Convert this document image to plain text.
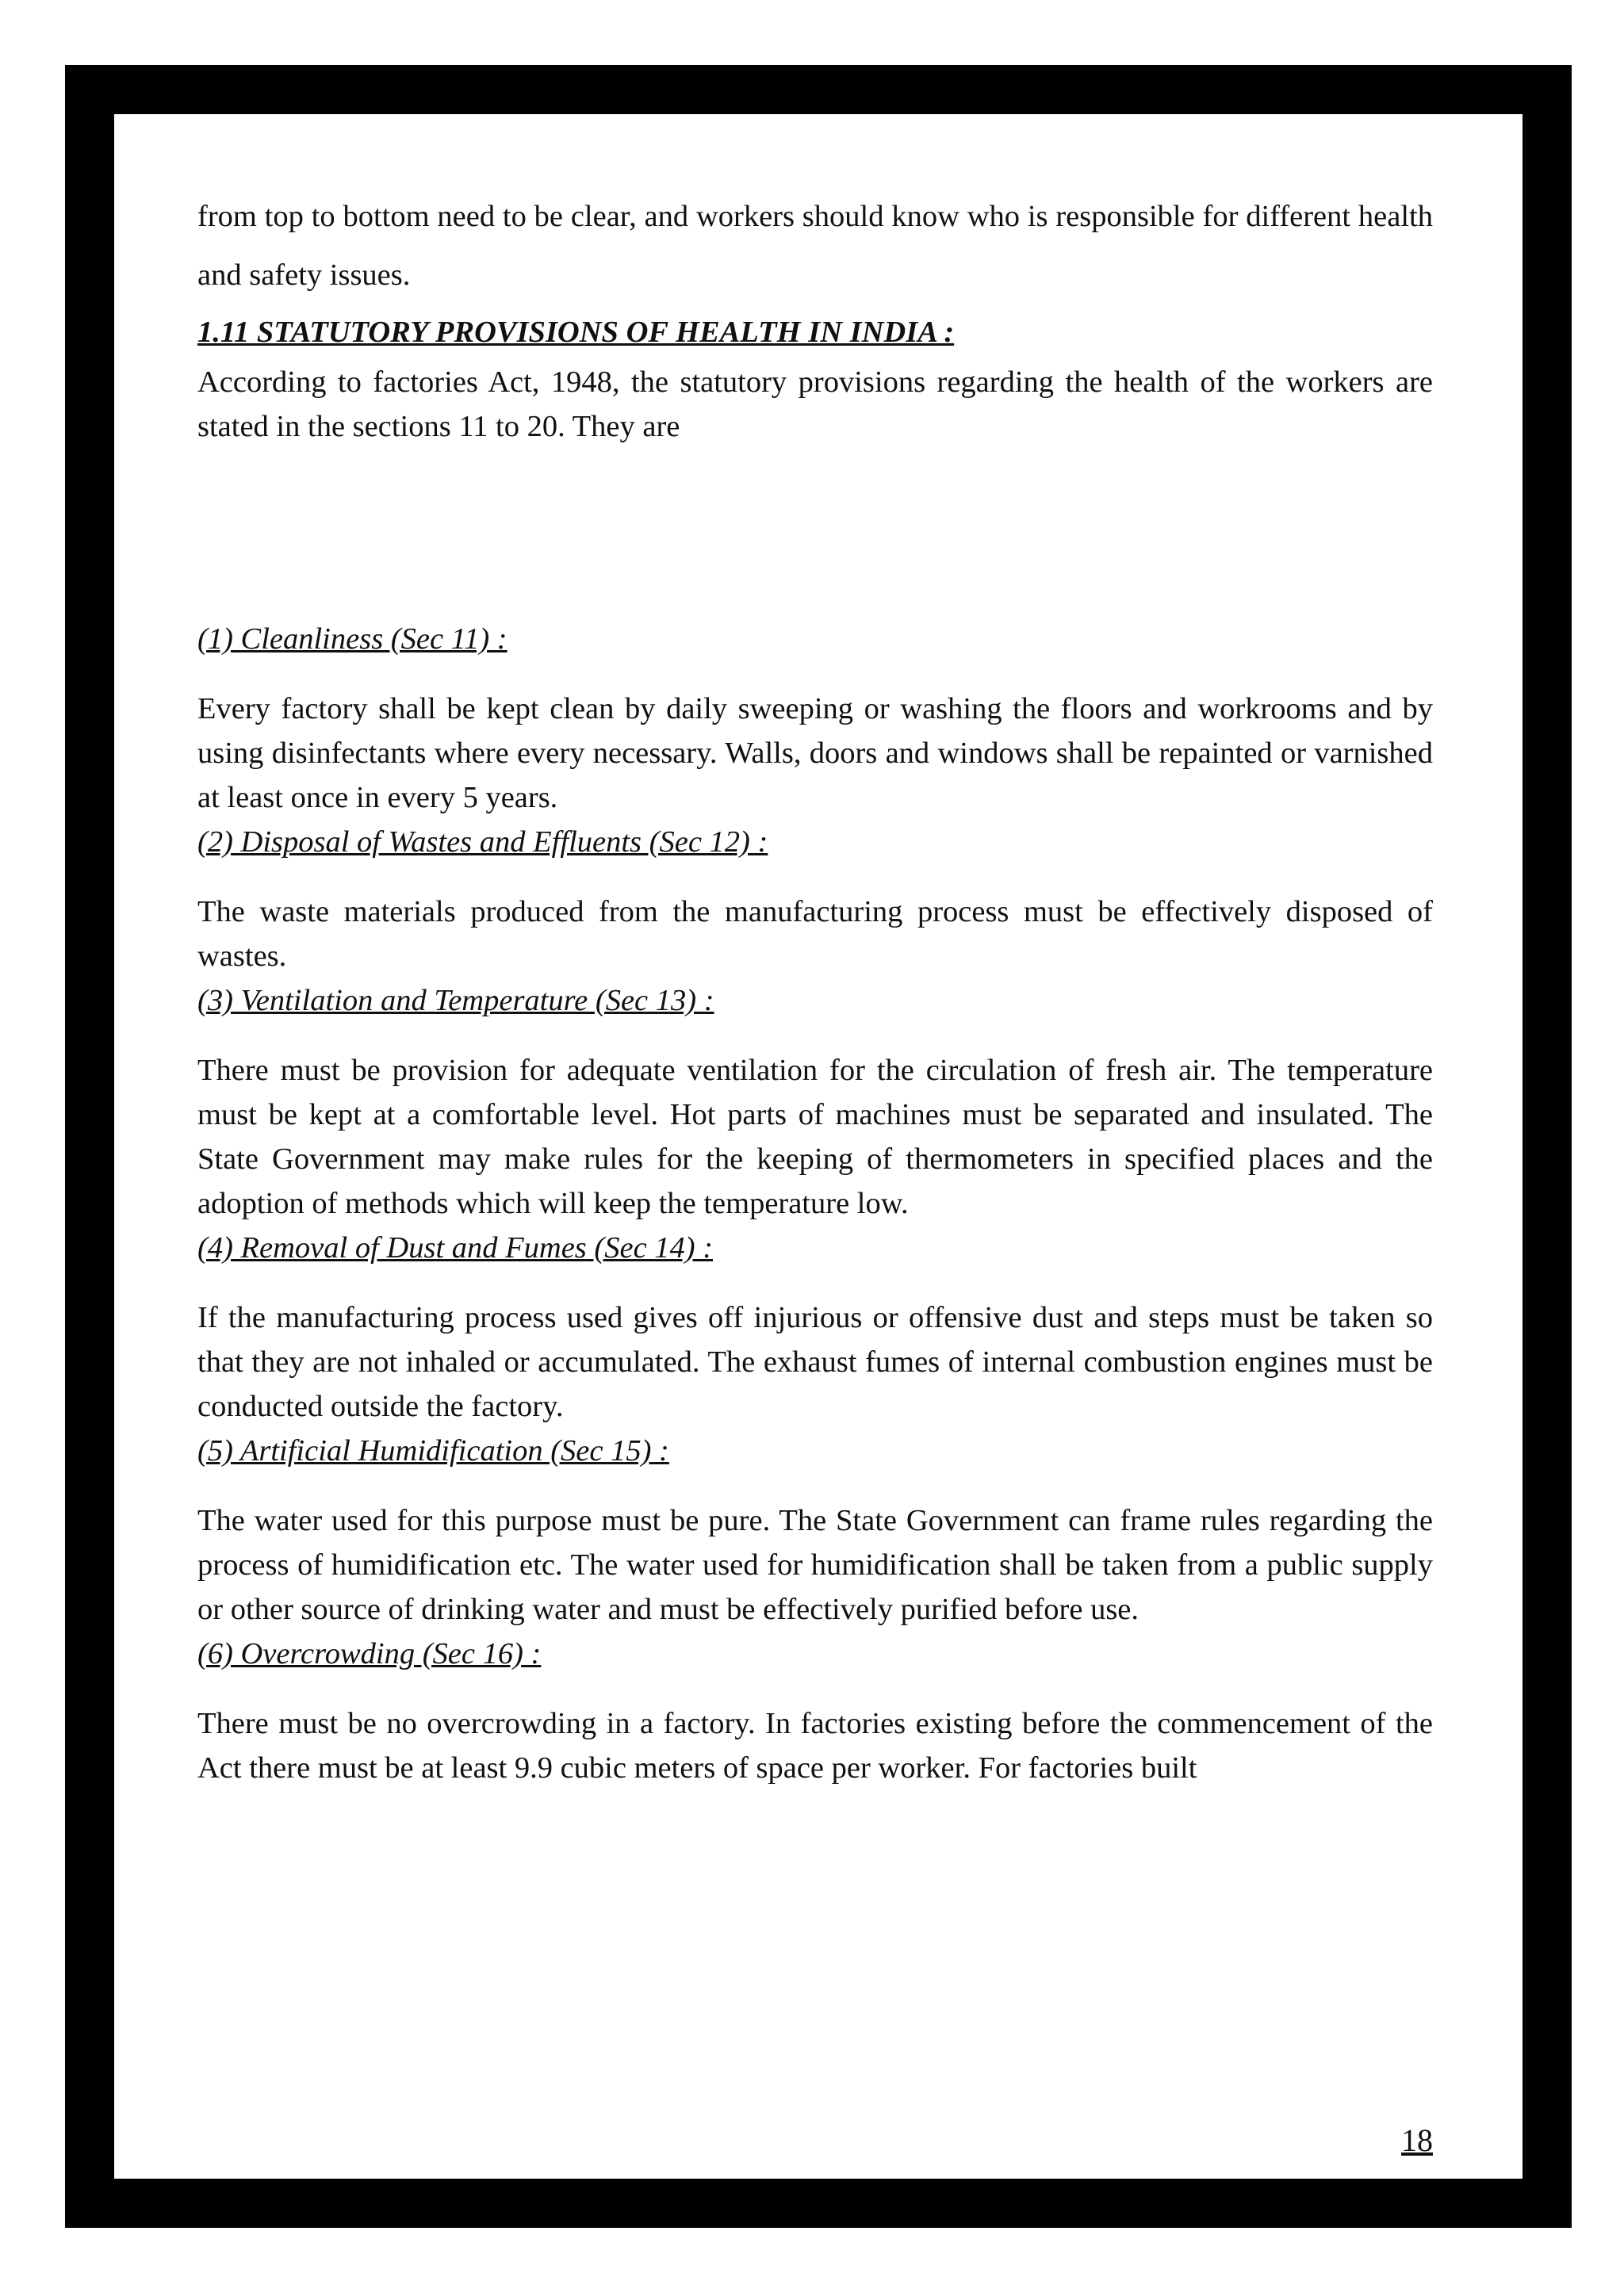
from top to bottom need to be clear, and workers should know who is responsible for different health and safety issues.

1.11 STATUTORY PROVISIONS OF HEALTH IN INDIA :

According to factories Act, 1948, the statutory provisions regarding the health of the workers are stated in the sections 11 to 20. They are

(1) Cleanliness (Sec 11) :

Every factory shall be kept clean by daily sweeping or washing the floors and workrooms and by using disinfectants where every necessary. Walls, doors and windows shall be repainted or varnished at least once in every 5 years.

(2) Disposal of Wastes and Effluents (Sec 12) :

The waste materials produced from the manufacturing process must be effectively disposed of wastes.

(3) Ventilation and Temperature (Sec 13) :

There must be provision for adequate ventilation for the circulation of fresh air. The temperature must be kept at a comfortable level. Hot parts of machines must be separated and insulated. The State Government may make rules for the keeping of thermometers in specified places and the adoption of methods which will keep the temperature low.

(4) Removal of Dust and Fumes (Sec 14) :

If the manufacturing process used gives off injurious or offensive dust and steps must be taken so that they are not inhaled or accumulated. The exhaust fumes of internal combustion engines must be conducted outside the factory.

(5) Artificial Humidification (Sec 15) :

The water used for this purpose must be pure. The State Government can frame rules regarding the process of humidification etc. The water used for humidification shall be taken from a public supply or other source of drinking water and must be effectively purified before use.

(6) Overcrowding (Sec 16) :

There must be no overcrowding in a factory. In factories existing before the commencement of the Act there must be at least 9.9 cubic meters of space per worker. For factories built

18
